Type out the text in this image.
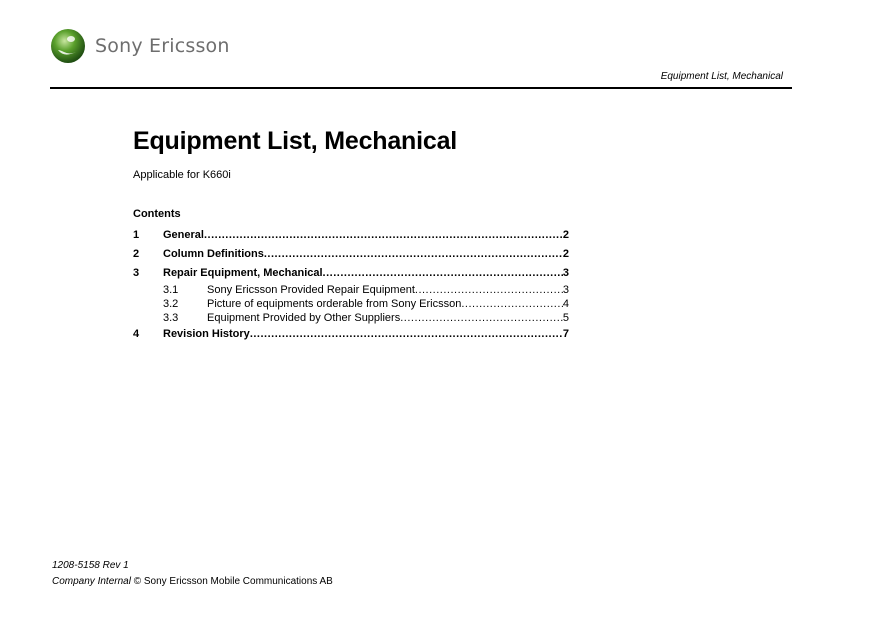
Sony Ericsson
Equipment List, Mechanical
Equipment List, Mechanical
Applicable for K660i
Contents
1	General .....	2
2	Column Definitions .....	2
3	Repair Equipment, Mechanical .....	3
3.1	Sony Ericsson Provided Repair Equipment .....	3
3.2	Picture of equipments orderable from Sony Ericsson .....	4
3.3	Equipment Provided by Other Suppliers .....	5
4	Revision History .....	7
1208-5158 Rev 1
Company Internal © Sony Ericsson Mobile Communications AB
